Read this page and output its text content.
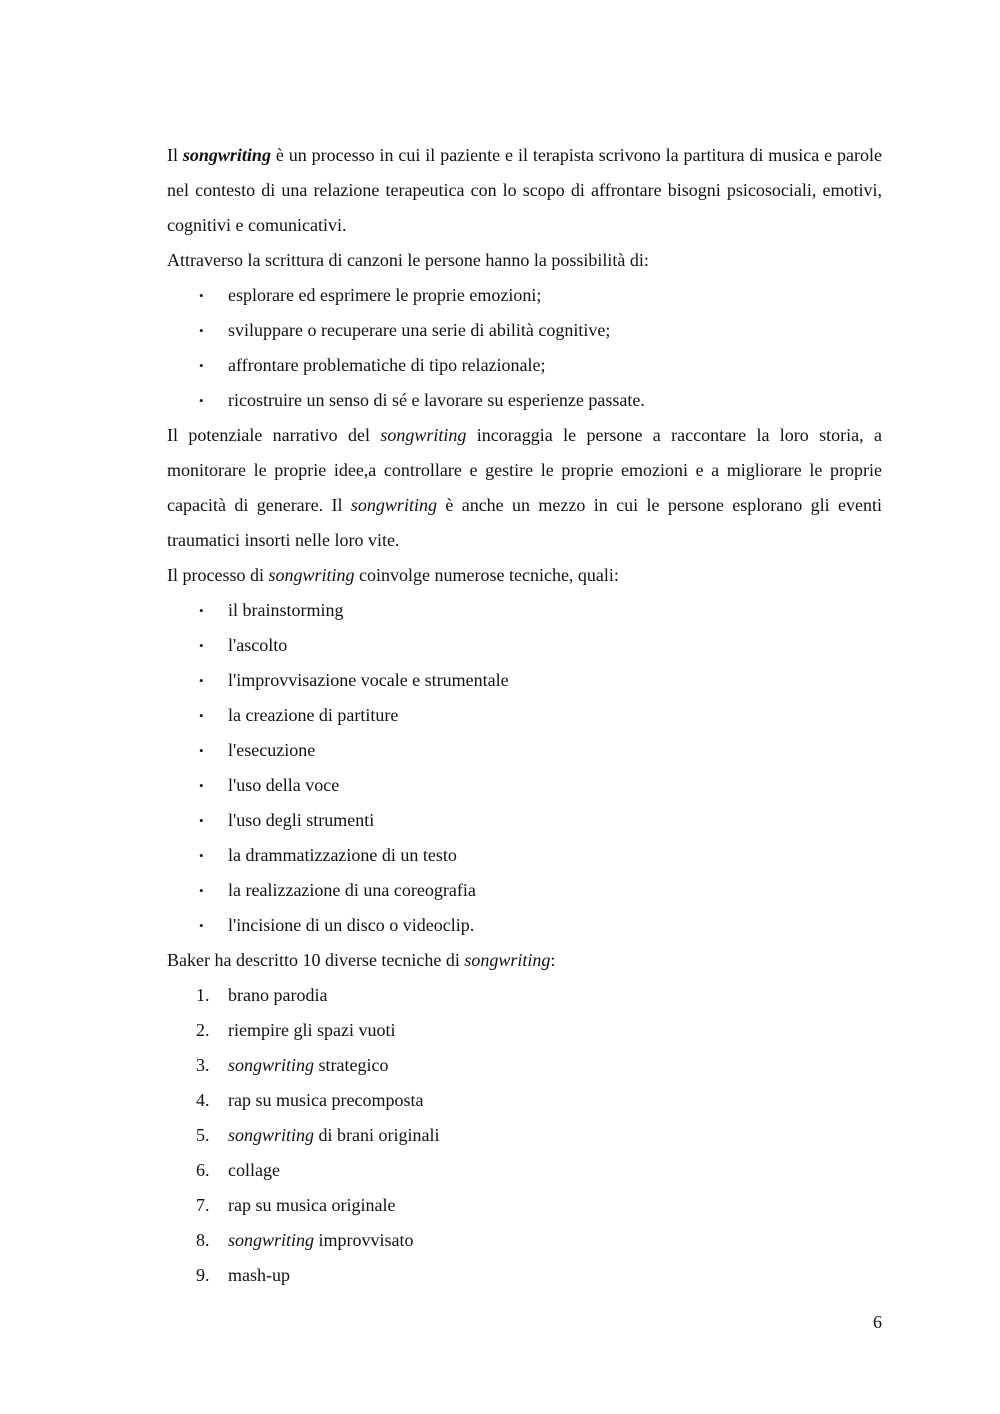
Il songwriting è un processo in cui il paziente e il terapista scrivono la partitura di musica e parole nel contesto di una relazione terapeutica con lo scopo di affrontare bisogni psicosociali, emotivi, cognitivi e comunicativi.

Attraverso la scrittura di canzoni le persone hanno la possibilità di:

• esplorare ed esprimere le proprie emozioni;
• sviluppare o recuperare una serie di abilità cognitive;
• affrontare problematiche di tipo relazionale;
• ricostruire un senso di sé e lavorare su esperienze passate.

Il potenziale narrativo del songwriting incoraggia le persone a raccontare la loro storia, a monitorare le proprie idee,a controllare e gestire le proprie emozioni e a migliorare le proprie capacità di generare. Il songwriting è anche un mezzo in cui le persone esplorano gli eventi traumatici insorti nelle loro vite.

Il processo di songwriting coinvolge numerose tecniche, quali:

• il brainstorming
• l'ascolto
• l'improvvisazione vocale e strumentale
• la creazione di partiture
• l'esecuzione
• l'uso della voce
• l'uso degli strumenti
• la drammatizzazione di un testo
• la realizzazione di una coreografia
• l'incisione di un disco o videoclip.

Baker ha descritto 10 diverse tecniche di songwriting:

1. brano parodia
2. riempire gli spazi vuoti
3. songwriting strategico
4. rap su musica precomposta
5. songwriting di brani originali
6. collage
7. rap su musica originale
8. songwriting improvvisato
9. mash-up
6
